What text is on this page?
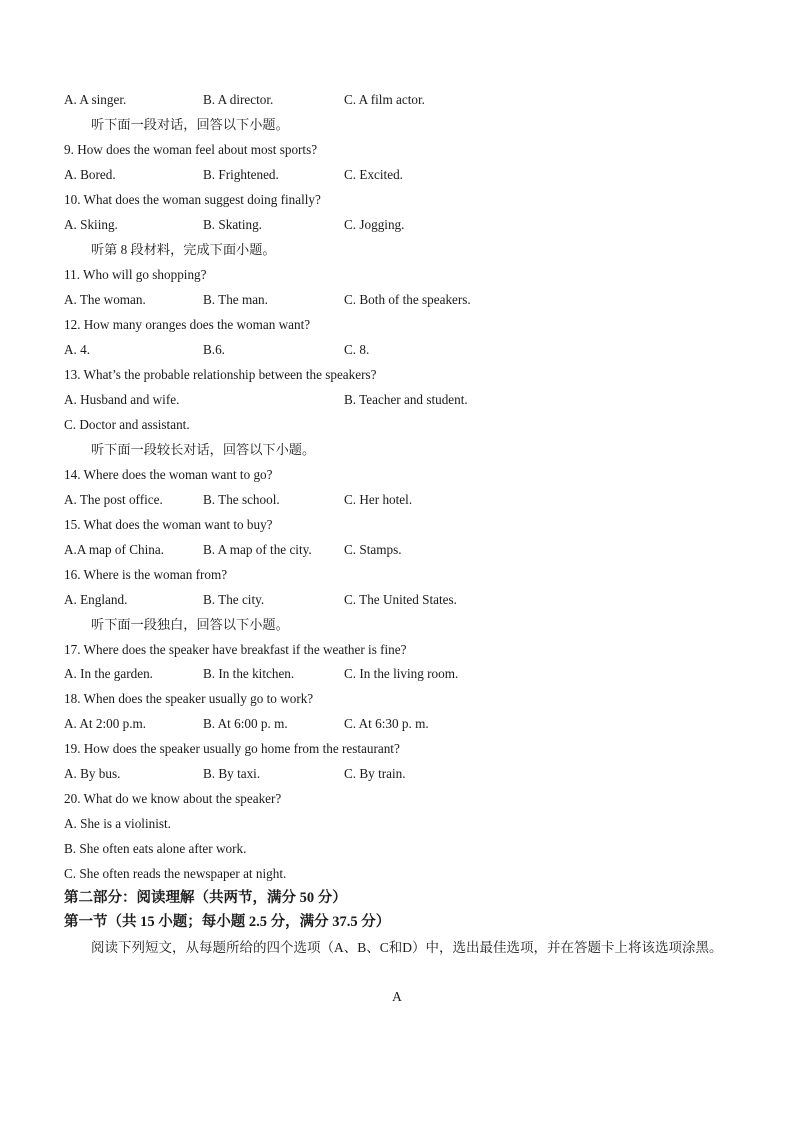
A. A singer.	B. A director.	C. A film actor.
听下面一段对话，回答以下小题。
9. How does the woman feel about most sports?
A. Bored.	B. Frightened.	C. Excited.
10. What does the woman suggest doing finally?
A. Skiing.	B. Skating.	C. Jogging.
听第 8 段材料，完成下面小题。
11. Who will go shopping?
A. The woman.	B. The man.	C. Both of the speakers.
12. How many oranges does the woman want?
A. 4.	B.6.	C. 8.
13. What’s the probable relationship between the speakers?
A. Husband and wife.	B. Teacher and student.
C. Doctor and assistant.
听下面一段较长对话，回答以下小题。
14. Where does the woman want to go?
A. The post office.	B. The school.	C. Her hotel.
15. What does the woman want to buy?
A.A map of China.	B. A map of the city. C. Stamps.
16. Where is the woman from?
A. England.	B. The city.	C. The United States.
听下面一段独白，回答以下小题。
17. Where does the speaker have breakfast if the weather is fine?
A. In the garden.	B. In the kitchen.	C. In the living room.
18. When does the speaker usually go to work?
A. At 2:00 p.m.	B. At 6:00 p. m.	C. At 6:30 p. m.
19. How does the speaker usually go home from the restaurant?
A. By bus.	B. By taxi.	C. By train.
20. What do we know about the speaker?
A. She is a violinist.
B. She often eats alone after work.
C. She often reads the newspaper at night.
第二部分：阅读理解（共两节，满分 50 分）
第一节（共 15 小题；每小题 2.5 分，满分 37.5 分）
阅读下列短文，从每题所给的四个选项（A、B、C和D）中，选出最佳选项，并在答题卡上将该选项涂黑。
A
